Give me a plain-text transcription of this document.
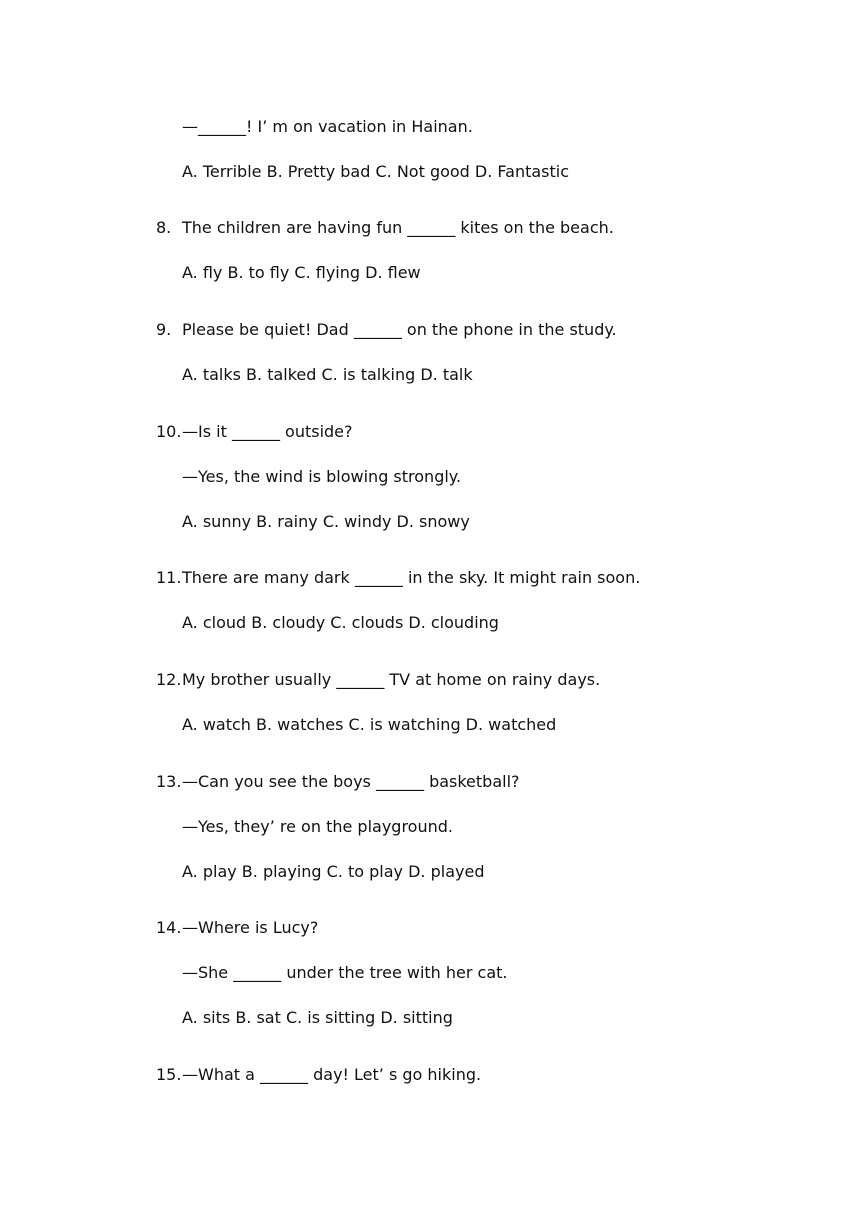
—______! I’ m on vacation in Hainan.
A. Terrible B. Pretty bad C. Not good D. Fantastic
8. The children are having fun ______ kites on the beach.
A. fly B. to fly C. flying D. flew
9. Please be quiet! Dad ______ on the phone in the study.
A. talks B. talked C. is talking D. talk
10. —Is it ______ outside?
—Yes, the wind is blowing strongly.
A. sunny B. rainy C. windy D. snowy
11. There are many dark ______ in the sky. It might rain soon.
A. cloud B. cloudy C. clouds D. clouding
12. My brother usually ______ TV at home on rainy days.
A. watch B. watches C. is watching D. watched
13. —Can you see the boys ______ basketball?
—Yes, they’ re on the playground.
A. play B. playing C. to play D. played
14. —Where is Lucy?
—She ______ under the tree with her cat.
A. sits B. sat C. is sitting D. sitting
15. —What a ______ day! Let’ s go hiking.
